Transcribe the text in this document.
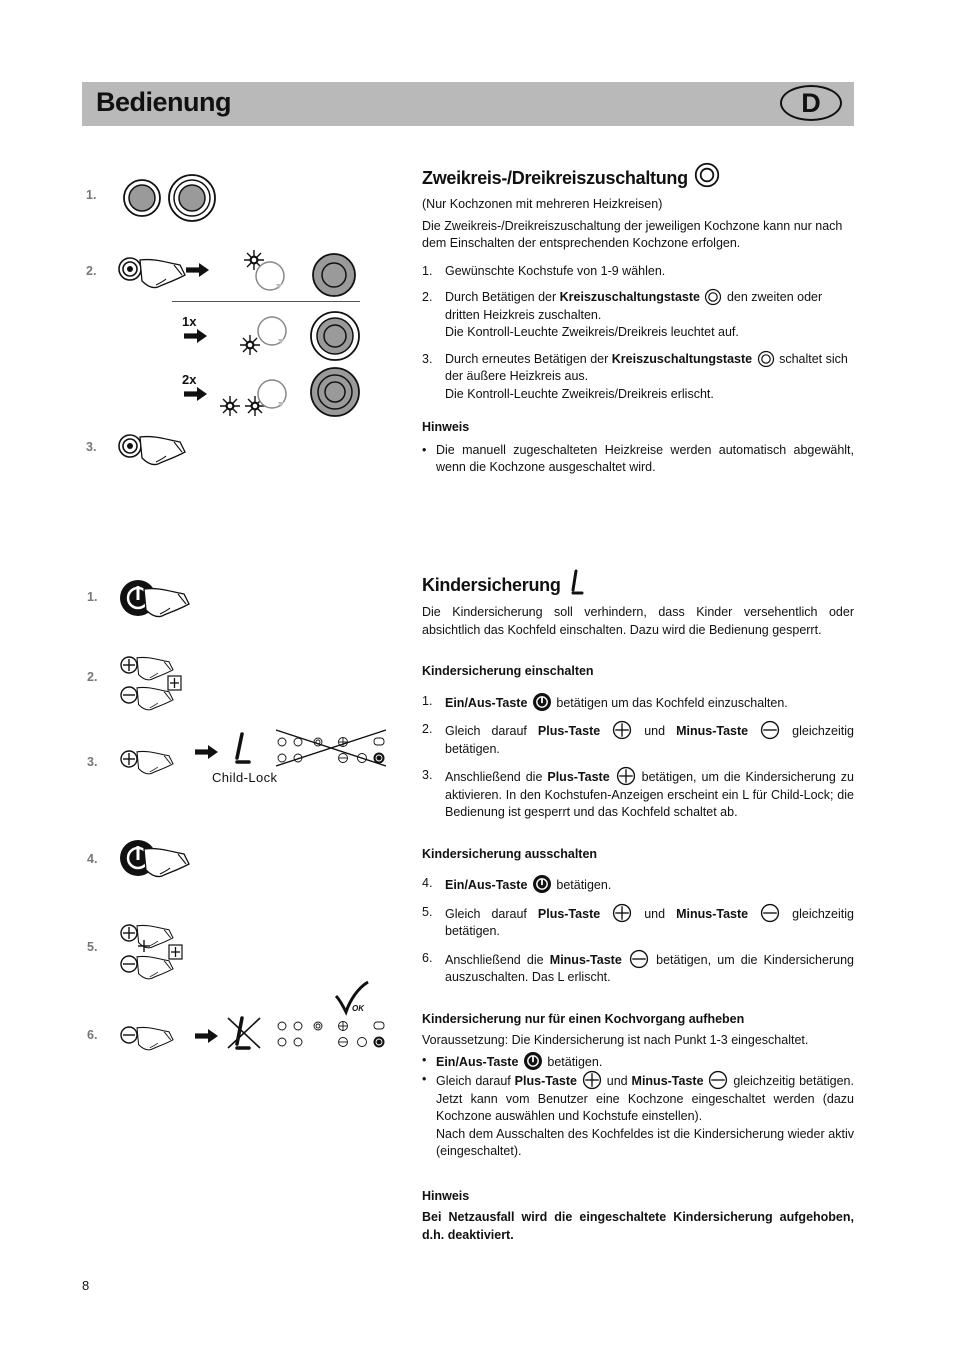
Bedienung	D
1.
2.
1x
2x
3.
Zweikreis-/Dreikreiszuschaltung

(Nur Kochzonen mit mehreren Heizkreisen)

Die Zweikreis-/Dreikreiszuschaltung der jeweiligen Kochzone kann nur nach dem Einschalten der entsprechenden Kochzone erfolgen.

1. Gewünschte Kochstufe von 1-9 wählen.
2. Durch Betätigen der Kreiszuschaltungstaste  den zweiten oder dritten Heizkreis zuschalten.
Die Kontroll-Leuchte Zweikreis/Dreikreis leuchtet auf.
3. Durch erneutes Betätigen der Kreiszuschaltungstaste  schaltet sich der äußere Heizkreis aus.
Die Kontroll-Leuchte Zweikreis/Dreikreis erlischt.
Hinweis
• Die manuell zugeschalteten Heizkreise werden automatisch abgewählt, wenn die Kochzone ausgeschaltet wird.
1.
2.
3.
Child-Lock
4.
5.
6.
OK
Kindersicherung

Die Kindersicherung soll verhindern, dass Kinder versehentlich oder absichtlich das Kochfeld einschalten. Dazu wird die Bedienung gesperrt.

Kindersicherung einschalten
1. Ein/Aus-Taste  betätigen um das Kochfeld einzuschalten.
2. Gleich darauf Plus-Taste	und Minus-Taste	gleichzeitig betätigen.
3. Anschließend die Plus-Taste  betätigen, um die Kindersicherung zu aktivieren. In den Kochstufen-Anzeigen erscheint ein L für Child-Lock; die Bedienung ist gesperrt und das Kochfeld schaltet ab.
Kindersicherung ausschalten
4. Ein/Aus-Taste  betätigen.
5. Gleich darauf Plus-Taste	und Minus-Taste	gleichzeitig betätigen.
6. Anschließend die Minus-Taste  betätigen, um die Kindersicherung auszuschalten. Das L erlischt.
Kindersicherung nur für einen Kochvorgang aufheben

Voraussetzung: Die Kindersicherung ist nach Punkt 1-3 eingeschaltet.

• Ein/Aus-Taste  betätigen.
• Gleich darauf Plus-Taste  und Minus-Taste  gleichzeitig betätigen. Jetzt kann vom Benutzer eine Kochzone eingeschaltet werden (dazu Kochzone auswählen und Kochstufe einstellen).
Nach dem Ausschalten des Kochfeldes ist die Kindersicherung wieder aktiv (eingeschaltet).
Hinweis

Bei Netzausfall wird die eingeschaltete Kindersicherung aufgehoben, d.h. deaktiviert.

8
